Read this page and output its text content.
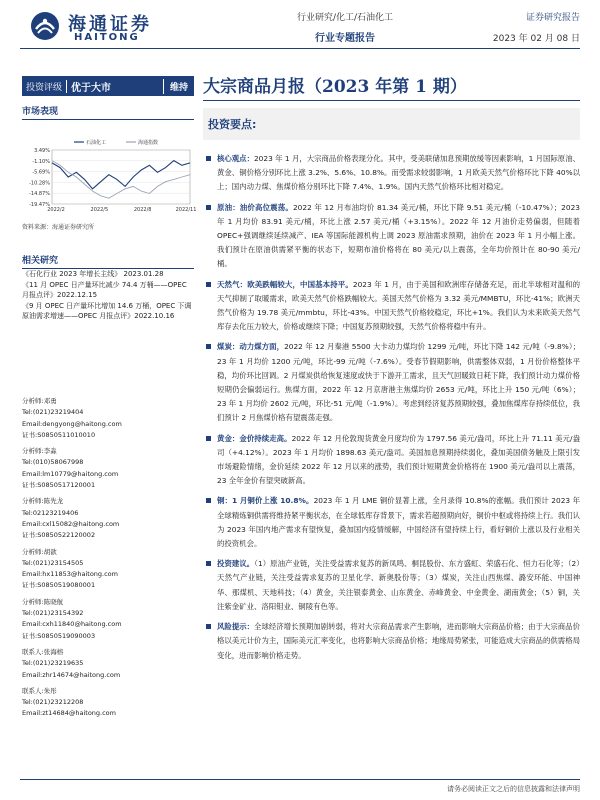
海通证券
HAITONG
行业研究/化工/石油化工
行业专题报告
证券研究报告
2023 年 02 月 08 日
投资评级 优于大市	维持 大宗商品月报（2023 年第 1 期）
市场表现
3.49%
-1.10%
-5.69%
-10.28%
-14.87%
-19.47%
2022/2	2022/5	2022/8	2022/11
石油化工	海通指数
资料来源：海通证券研究所
相关研究

《石化行业 2023 年增长主线》 2023.01.28

《11 月 OPEC 日产量环比减少 74.4 万桶——OPEC 月报点评》2022.12.15

《9 月 OPEC 日产量环比增加 14.6 万桶，OPEC 下调原油需求增速——OPEC 月报点评》2022.10.16

分析师:邓勇
Tel:(021)23219404
Email:dengyong@haitong.com
证书:S0850511010010
分析师:李淼
Tel:(010)58067998
Email:lm10779@haitong.com
证书:S0850517120001
分析师:陈先龙
Tel:02123219406
Email:cxl15082@haitong.com
证书:S0850522120002
分析师:胡歆
Tel:(021)23154505
Email:hx11853@haitong.com
证书:S0850519080001
分析师:陈晓航
Tel:(021)23154392
Email:cxh11840@haitong.com
证书:S0850519090003
联系人:张海榕
Tel:(021)23219635
Email:zhr14674@haitong.com
联系人:朱彤
Tel:(021)23212208
Email:zt14684@haitong.com
投资要点:
核心观点：2023 年 1 月，大宗商品价格表现分化。其中，受美联储加息预期放缓等因素影响，1 月国际原油、黄金、铜价格分别环比上涨 3.2%、5.6%、10.8%。而受需求较弱影响，1 月欧美天然气价格环比下降 40%以上；国内动力煤、焦煤价格分别环比下降 7.4%、1.9%。国内天然气价格环比相对稳定。
原油：油价高位震荡。2022 年 12 月布油均价 81.34 美元/桶，环比下降 9.51 美元/桶（-10.47%）；2023 年 1 月均价 83.91 美元/桶，环比上涨 2.57 美元/桶（+3.15%）。2022 年 12 月油价走势偏弱，但随着 OPEC+强调继续延续减产、IEA 等国际能源机构上调 2023 原油需求预期，油价在 2023 年 1 月小幅上涨。我们预计在原油供需紧平衡的状态下，短期布油价格将在 80 美元/以上震荡，全年均价预计在 80-90 美元/桶。
天然气：欧美跌幅较大，中国基本持平。2023 年 1 月，由于美国和欧洲库存储备充足，而北半球相对温和的天气抑制了取暖需求，欧美天然气价格跌幅较大。美国天然气价格为 3.32 美元/MMBTU，环比-41%；欧洲天然气价格为 19.78 美元/mmbtu，环比-43%。中国天然气价格较稳定，环比+1%。我们认为未来欧美天然气库存去化压力较大，价格或继续下降；中国复苏预期较强，天然气价格将稳中有升。
煤炭：动力煤方面，2022 年 12 月秦港 5500 大卡动力煤均价 1299 元/吨，环比下降 142 元/吨（-9.8%）；23 年 1 月均价 1200 元/吨，环比-99 元/吨（-7.6%）。受春节假期影响，供需整体双弱，1 月份价格整体平稳，均价环比回调。2 月煤炭供给恢复速度或快于下游开工需求，且天气回暖致日耗下降，我们预计动力煤价格短期仍会偏弱运行。焦煤方面，2022 年 12 月京唐港主焦煤均价 2653 元/吨，环比上升 150 元/吨（6%）；23 年 1 月均价 2602 元/吨，环比-51 元/吨（-1.9%）。考虑到经济复苏预期较强，叠加焦煤库存持续低位，我们预计 2 月焦煤价格有望震荡走强。
黄金：金价持续走高。2022 年 12 月伦敦现货黄金月度均价为 1797.56 美元/盎司，环比上升 71.11 美元/盎司（+4.12%）。2023 年 1 月均价 1898.63 美元/盎司。美国加息预期持续弱化，叠加美国债务触及上限引发市场避险情绪，金价延续 2022 年 12 月以来的涨势，我们预计短期黄金价格将在 1900 美元/盎司以上震荡，23 全年金价有望突破新高。
铜：1 月铜价上涨 10.8%。2023 年 1 月 LME 铜价显著上涨，全月录得 10.8%的涨幅。我们预计 2023 年全球精炼铜供需将维持紧平衡状态，在全球低库存背景下，需求若超预期向好，铜价中枢或将持续上行。我们认为 2023 年国内地产需求有望恢复，叠加国内疫情缓解，中国经济有望持续上行，看好铜价上涨以及行业相关的投资机会。
投资建议。（1）原油产业链，关注受益需求复苏的新凤鸣、桐昆股份、东方盛虹、荣盛石化、恒力石化等；（2）天然气产业链，关注受益需求复苏的卫星化学、新奥股份等；（3）煤炭，关注山西焦煤、潞安环能、中国神华、那煤机、天地科技；（4）黄金，关注银泰黄金、山东黄金、赤峰黄金、中金黄金、湖南黄金；（5）铜，关注紫金矿业、洛阳钼业、铜陵有色等。
风险提示：全球经济增长预期加剧转弱，将对大宗商品需求产生影响，进而影响大宗商品价格；由于大宗商品价格以美元计价为主，国际美元汇率变化，也将影响大宗商品价格；地缘局势紧张，可能造成大宗商品的供需格局变化，进而影响价格走势。
请务必阅读正文之后的信息披露和法律声明
